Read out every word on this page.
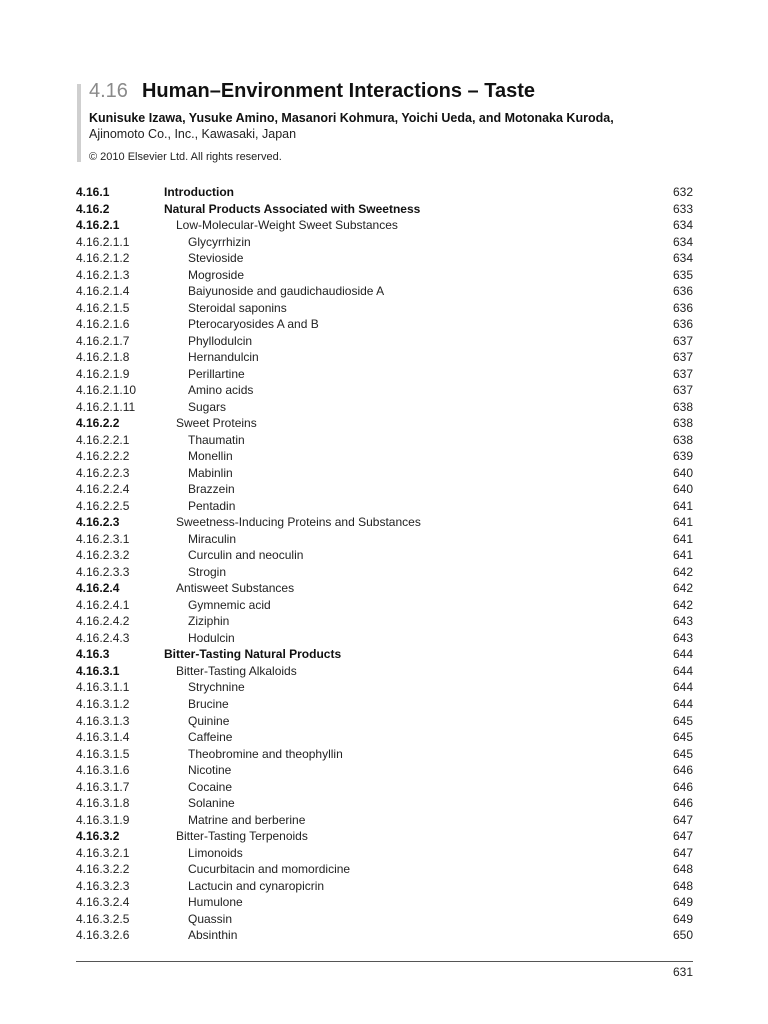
4.16 Human–Environment Interactions – Taste
Kunisuke Izawa, Yusuke Amino, Masanori Kohmura, Yoichi Ueda, and Motonaka Kuroda,
Ajinomoto Co., Inc., Kawasaki, Japan
© 2010 Elsevier Ltd. All rights reserved.
4.16.1	Introduction	632
4.16.2	Natural Products Associated with Sweetness	633
4.16.2.1	Low-Molecular-Weight Sweet Substances	634
4.16.2.1.1	Glycyrrhizin	634
4.16.2.1.2	Stevioside	634
4.16.2.1.3	Mogroside	635
4.16.2.1.4	Baiyunoside and gaudichaudioside A	636
4.16.2.1.5	Steroidal saponins	636
4.16.2.1.6	Pterocaryosides A and B	636
4.16.2.1.7	Phyllodulcin	637
4.16.2.1.8	Hernandulcin	637
4.16.2.1.9	Perillartine	637
4.16.2.1.10	Amino acids	637
4.16.2.1.11	Sugars	638
4.16.2.2	Sweet Proteins	638
4.16.2.2.1	Thaumatin	638
4.16.2.2.2	Monellin	639
4.16.2.2.3	Mabinlin	640
4.16.2.2.4	Brazzein	640
4.16.2.2.5	Pentadin	641
4.16.2.3	Sweetness-Inducing Proteins and Substances	641
4.16.2.3.1	Miraculin	641
4.16.2.3.2	Curculin and neoculin	641
4.16.2.3.3	Strogin	642
4.16.2.4	Antisweet Substances	642
4.16.2.4.1	Gymnemic acid	642
4.16.2.4.2	Ziziphin	643
4.16.2.4.3	Hodulcin	643
4.16.3	Bitter-Tasting Natural Products	644
4.16.3.1	Bitter-Tasting Alkaloids	644
4.16.3.1.1	Strychnine	644
4.16.3.1.2	Brucine	644
4.16.3.1.3	Quinine	645
4.16.3.1.4	Caffeine	645
4.16.3.1.5	Theobromine and theophyllin	645
4.16.3.1.6	Nicotine	646
4.16.3.1.7	Cocaine	646
4.16.3.1.8	Solanine	646
4.16.3.1.9	Matrine and berberine	647
4.16.3.2	Bitter-Tasting Terpenoids	647
4.16.3.2.1	Limonoids	647
4.16.3.2.2	Cucurbitacin and momordicine	648
4.16.3.2.3	Lactucin and cynaropicrin	648
4.16.3.2.4	Humulone	649
4.16.3.2.5	Quassin	649
4.16.3.2.6	Absinthin	650
631
